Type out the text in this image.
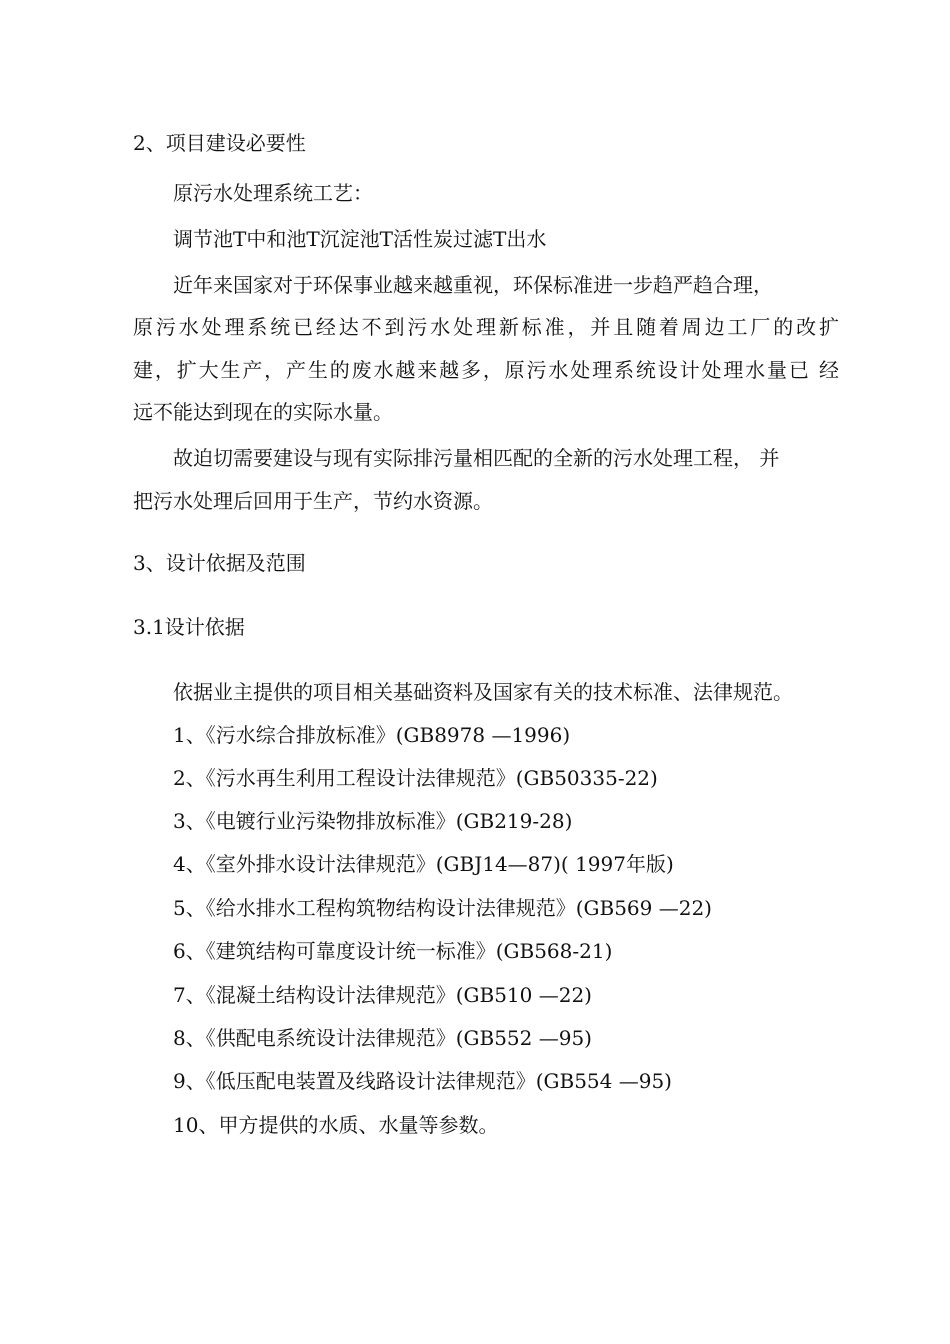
2、项目建设必要性

原污水处理系统工艺：

调节池T中和池T沉淀池T活性炭过滤T出水

近年来国家对于环保事业越来越重视，环保标准进一步趋严趋合理，

原污水处理系统已经达不到污水处理新标准，并且随着周边工厂的改扩

建，扩大生产，产生的废水越来越多，原污水处理系统设计处理水量已 经

远不能达到现在的实际水量。

故迫切需要建设与现有实际排污量相匹配的全新的污水处理工程， 并

把污水处理后回用于生产，节约水资源。

3、设计依据及范围

3.1设计依据

依据业主提供的项目相关基础资料及国家有关的技术标准、法律规范。

1、《污水综合排放标准》(GB8978 —1996)

2、《污水再生利用工程设计法律规范》(GB50335-22)

3、《电镀行业污染物排放标准》(GB219-28)

4、《室外排水设计法律规范》(GBJ14—87)( 1997年版)

5、《给水排水工程构筑物结构设计法律规范》(GB569 —22)

6、《建筑结构可靠度设计统一标准》(GB568-21)

7、《混凝土结构设计法律规范》(GB510 —22)

8、《供配电系统设计法律规范》(GB552 —95)

9、《低压配电装置及线路设计法律规范》(GB554 —95)

10、甲方提供的水质、水量等参数。
